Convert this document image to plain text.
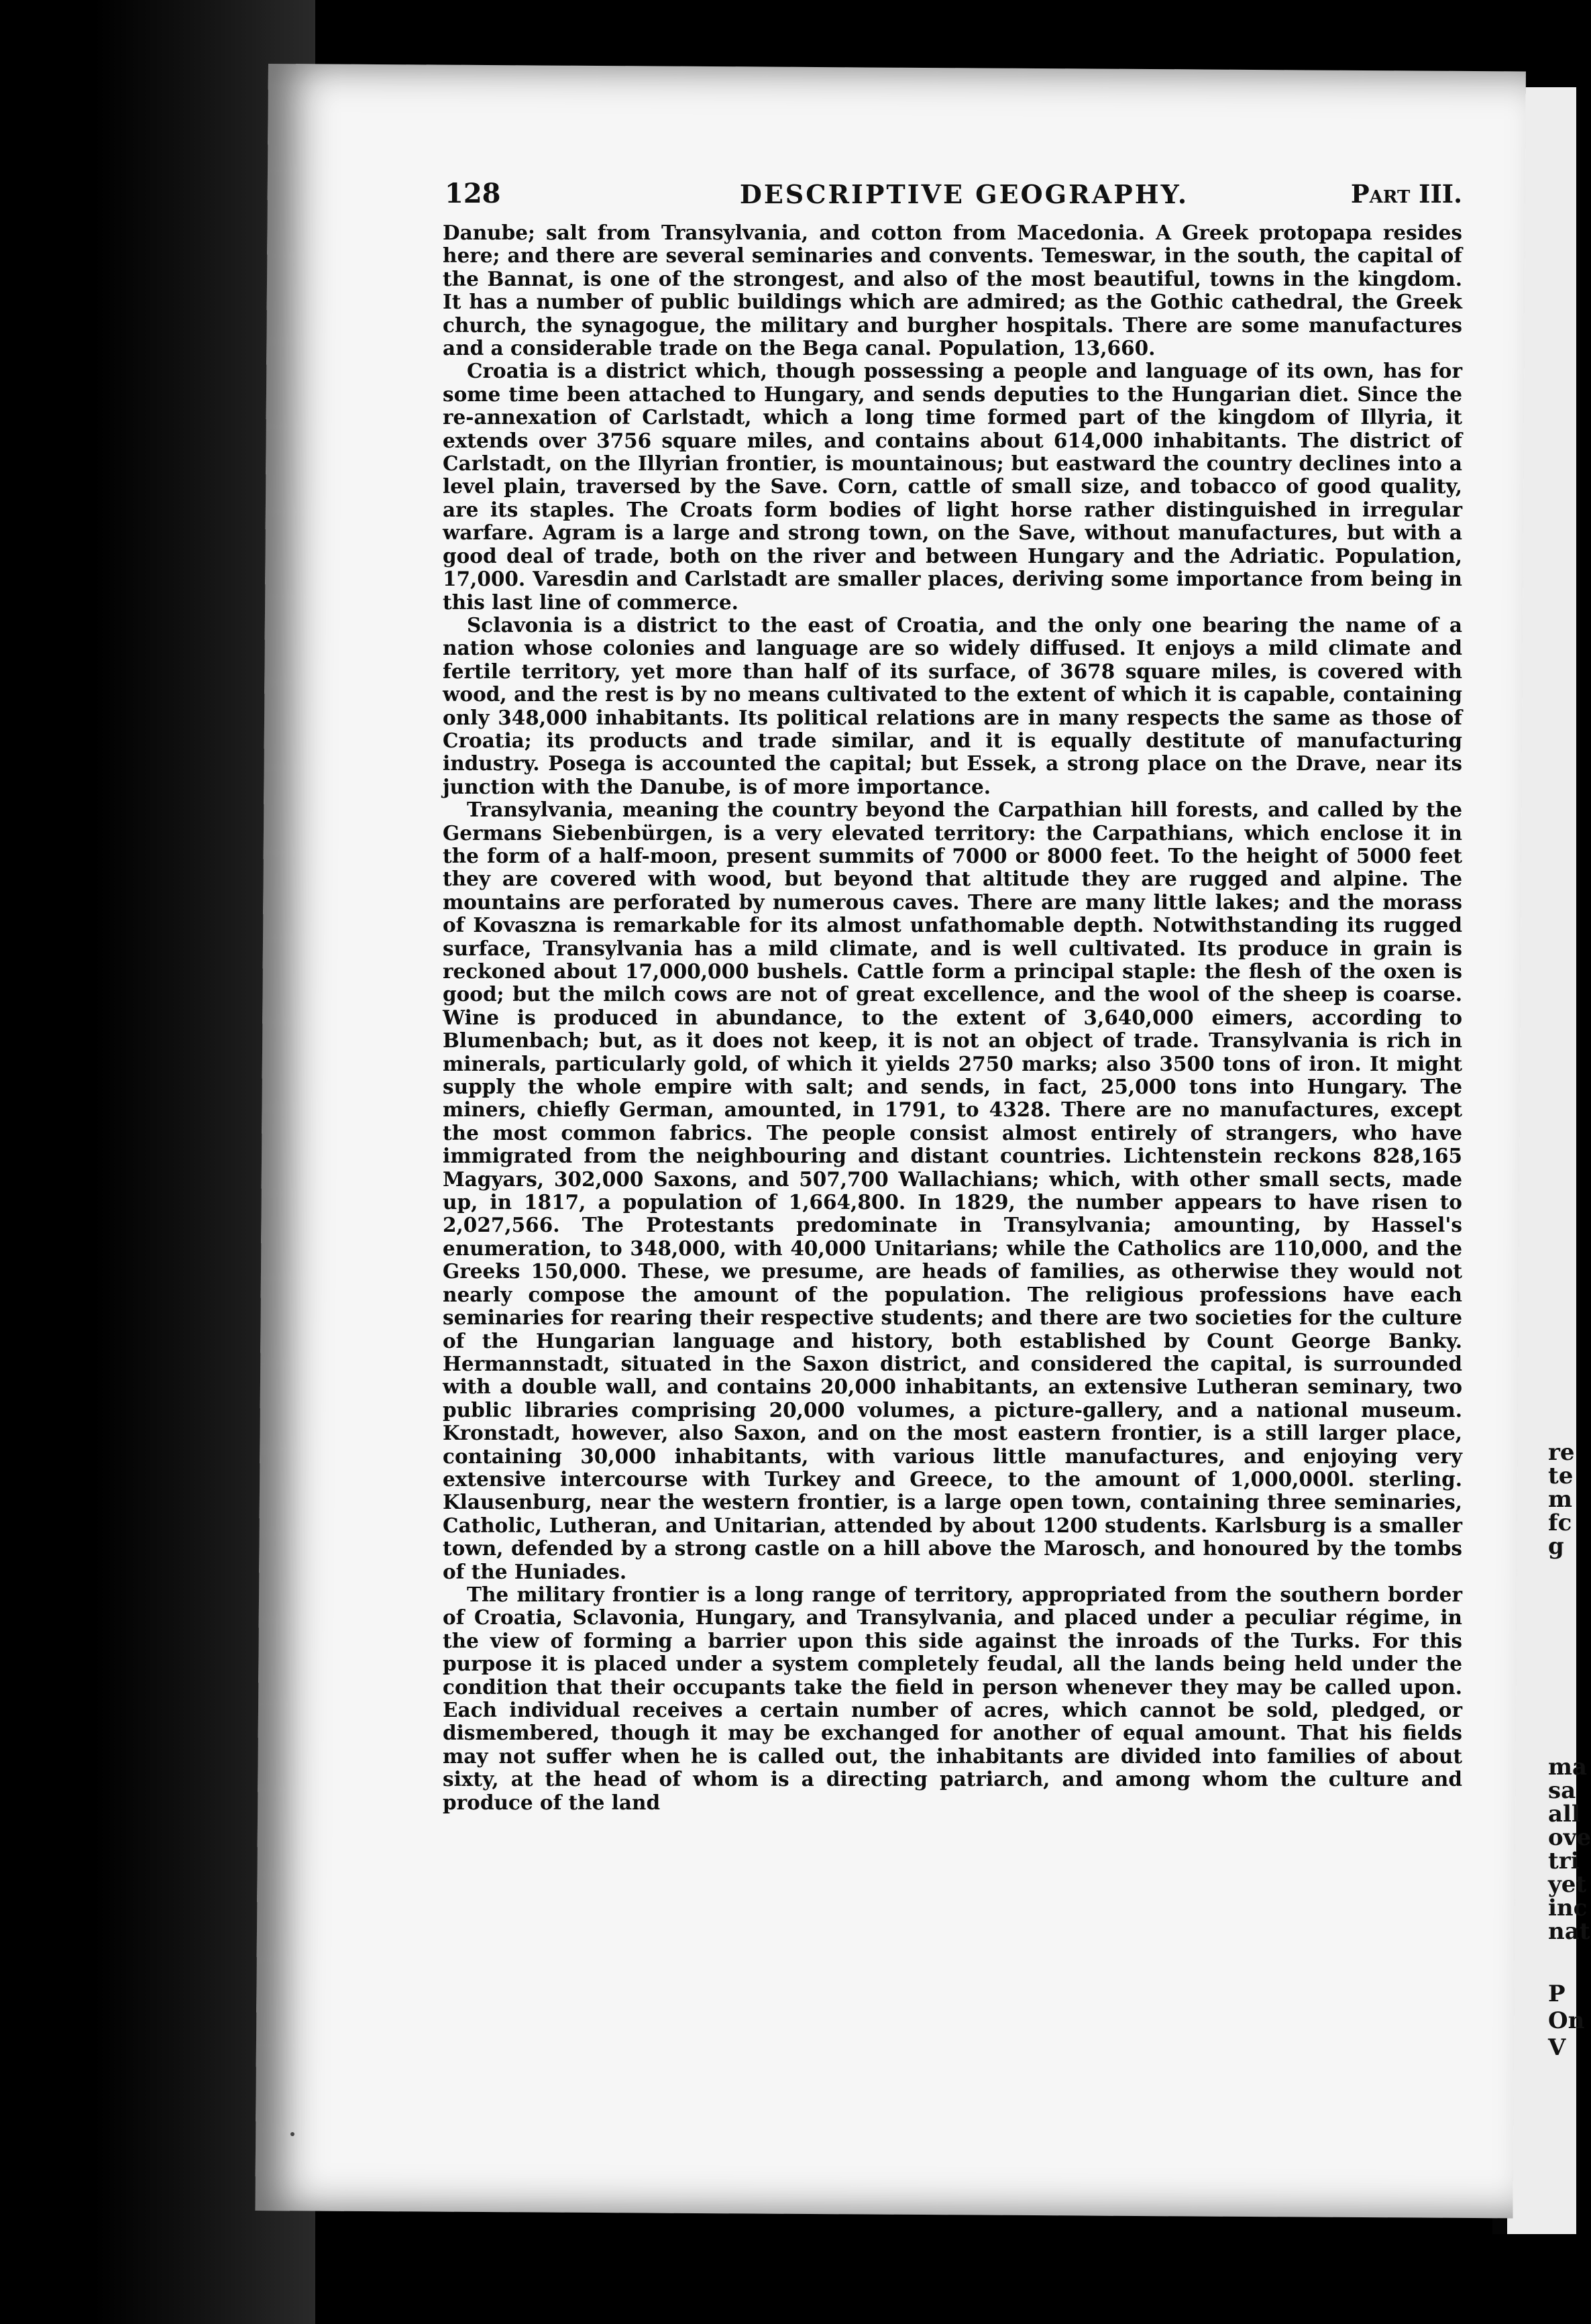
re
te
m
fc
g
ma
sa
all
ove
tri
yet
inc
nat
P
On
V
128	DESCRIPTIVE GEOGRAPHY.	Part III.

Danube; salt from Transylvania, and cotton from Macedonia. A Greek protopapa resides here; and there are several seminaries and convents. Temeswar, in the south, the capital of the Bannat, is one of the strongest, and also of the most beautiful, towns in the kingdom. It has a number of public buildings which are admired; as the Gothic cathedral, the Greek church, the synagogue, the military and burgher hospitals. There are some manufactures and a considerable trade on the Bega canal. Population, 13,660.

Croatia is a district which, though possessing a people and language of its own, has for some time been attached to Hungary, and sends deputies to the Hungarian diet. Since the re-annexation of Carlstadt, which a long time formed part of the kingdom of Illyria, it extends over 3756 square miles, and contains about 614,000 inhabitants. The district of Carlstadt, on the Illyrian frontier, is mountainous; but eastward the country declines into a level plain, traversed by the Save. Corn, cattle of small size, and tobacco of good quality, are its staples. The Croats form bodies of light horse rather distinguished in irregular warfare. Agram is a large and strong town, on the Save, without manufactures, but with a good deal of trade, both on the river and between Hungary and the Adriatic. Population, 17,000. Varesdin and Carlstadt are smaller places, deriving some importance from being in this last line of commerce.

Sclavonia is a district to the east of Croatia, and the only one bearing the name of a nation whose colonies and language are so widely diffused. It enjoys a mild climate and fertile territory, yet more than half of its surface, of 3678 square miles, is covered with wood, and the rest is by no means cultivated to the extent of which it is capable, containing only 348,000 inhabitants. Its political relations are in many respects the same as those of Croatia; its products and trade similar, and it is equally destitute of manufacturing industry. Posega is accounted the capital; but Essek, a strong place on the Drave, near its junction with the Danube, is of more importance.

Transylvania, meaning the country beyond the Carpathian hill forests, and called by the Germans Siebenbürgen, is a very elevated territory: the Carpathians, which enclose it in the form of a half-moon, present summits of 7000 or 8000 feet. To the height of 5000 feet they are covered with wood, but beyond that altitude they are rugged and alpine. The mountains are perforated by numerous caves. There are many little lakes; and the morass of Kovaszna is remarkable for its almost unfathomable depth. Notwithstanding its rugged surface, Transylvania has a mild climate, and is well cultivated. Its produce in grain is reckoned about 17,000,000 bushels. Cattle form a principal staple: the flesh of the oxen is good; but the milch cows are not of great excellence, and the wool of the sheep is coarse. Wine is produced in abundance, to the extent of 3,640,000 eimers, according to Blumenbach; but, as it does not keep, it is not an object of trade. Transylvania is rich in minerals, particularly gold, of which it yields 2750 marks; also 3500 tons of iron. It might supply the whole empire with salt; and sends, in fact, 25,000 tons into Hungary. The miners, chiefly German, amounted, in 1791, to 4328. There are no manufactures, except the most common fabrics. The people consist almost entirely of strangers, who have immigrated from the neighbouring and distant countries. Lichtenstein reckons 828,165 Magyars, 302,000 Saxons, and 507,700 Wallachians; which, with other small sects, made up, in 1817, a population of 1,664,800. In 1829, the number appears to have risen to 2,027,566. The Protestants predominate in Transylvania; amounting, by Hassel's enumeration, to 348,000, with 40,000 Unitarians; while the Catholics are 110,000, and the Greeks 150,000. These, we presume, are heads of families, as otherwise they would not nearly compose the amount of the population. The religious professions have each seminaries for rearing their respective students; and there are two societies for the culture of the Hungarian language and history, both established by Count George Banky. Hermannstadt, situated in the Saxon district, and considered the capital, is surrounded with a double wall, and contains 20,000 inhabitants, an extensive Lutheran seminary, two public libraries comprising 20,000 volumes, a picture-gallery, and a national museum. Kronstadt, however, also Saxon, and on the most eastern frontier, is a still larger place, containing 30,000 inhabitants, with various little manufactures, and enjoying very extensive intercourse with Turkey and Greece, to the amount of 1,000,000l. sterling. Klausenburg, near the western frontier, is a large open town, containing three seminaries, Catholic, Lutheran, and Unitarian, attended by about 1200 students. Karlsburg is a smaller town, defended by a strong castle on a hill above the Marosch, and honoured by the tombs of the Huniades.

The military frontier is a long range of territory, appropriated from the southern border of Croatia, Sclavonia, Hungary, and Transylvania, and placed under a peculiar régime, in the view of forming a barrier upon this side against the inroads of the Turks. For this purpose it is placed under a system completely feudal, all the lands being held under the condition that their occupants take the field in person whenever they may be called upon. Each individual receives a certain number of acres, which cannot be sold, pledged, or dismembered, though it may be exchanged for another of equal amount. That his fields may not suffer when he is called out, the inhabitants are divided into families of about sixty, at the head of whom is a directing patriarch, and among whom the culture and produce of the land
